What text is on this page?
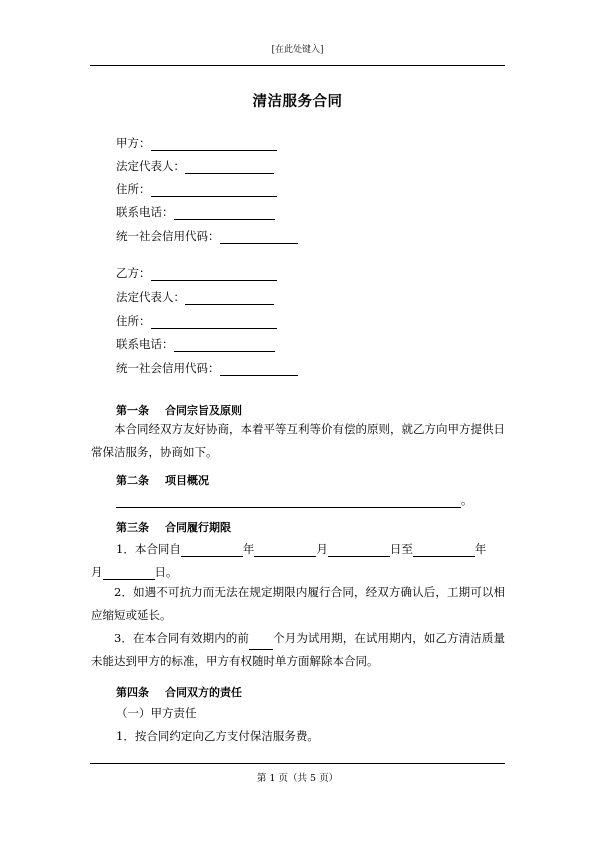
[在此处键入]
清洁服务合同
甲方：
法定代表人：
住所：
联系电话：
统一社会信用代码：
乙方：
法定代表人：
住所：
联系电话：
统一社会信用代码：
第一条 合同宗旨及原则
本合同经双方友好协商，本着平等互利等价有偿的原则，就乙方向甲方提供日常保洁服务，协商如下。
第二条 项目概况
。
第三条 合同履行期限
1．本合同自	年	月	日至	年
月	日。
2．如遇不可抗力而无法在规定期限内履行合同，经双方确认后，工期可以相应缩短或延长。
3．在本合同有效期内的前 个月为试用期，在试用期内，如乙方清洁质量未能达到甲方的标准，甲方有权随时单方面解除本合同。
第四条 合同双方的责任
（一）甲方责任
1．按合同约定向乙方支付保洁服务费。
第 1 页（共 5 页）
